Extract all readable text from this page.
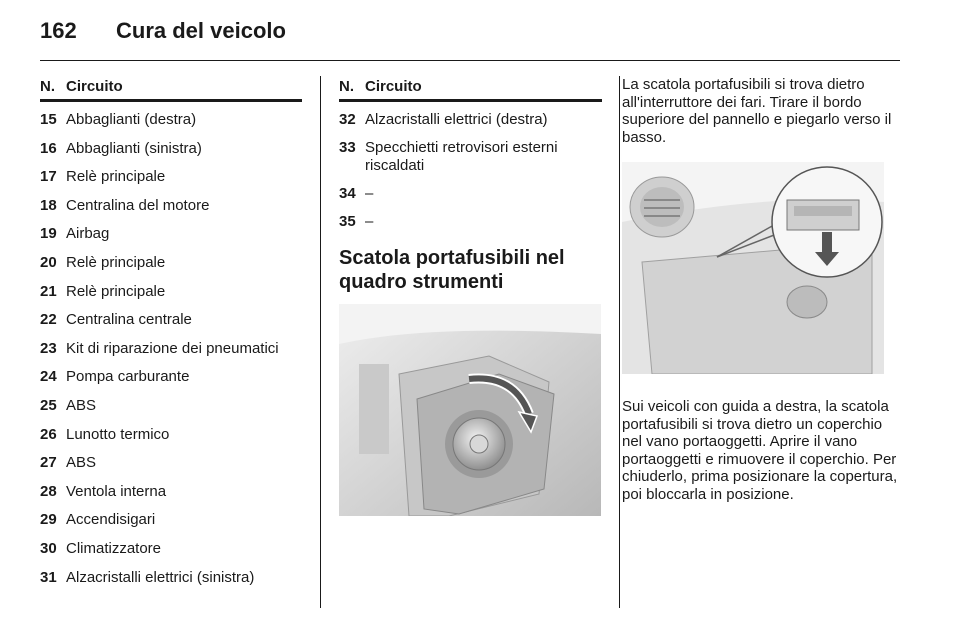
162	Cura del veicolo
N. Circuito
15 Abbaglianti (destra)
16 Abbaglianti (sinistra)
17 Relè principale
18 Centralina del motore
19 Airbag
20 Relè principale
21 Relè principale
22 Centralina centrale
23 Kit di riparazione dei pneumatici
24 Pompa carburante
25 ABS
26 Lunotto termico
27 ABS
28 Ventola interna
29 Accendisigari
30 Climatizzatore
31 Alzacristalli elettrici (sinistra)
N. Circuito
32 Alzacristalli elettrici (destra)
33 Specchietti retrovisori esterni riscaldati
34 –
35 –
Scatola portafusibili nel quadro strumenti

La scatola portafusibili si trova dietro all'interruttore dei fari. Tirare il bordo superiore del pannello e piegarlo verso il basso.

Sui veicoli con guida a destra, la scatola portafusibili si trova dietro un coperchio nel vano portaoggetti. Aprire il vano portaoggetti e rimuovere il coperchio. Per chiuderlo, prima posizionare la copertura, poi bloccarla in posizione.
